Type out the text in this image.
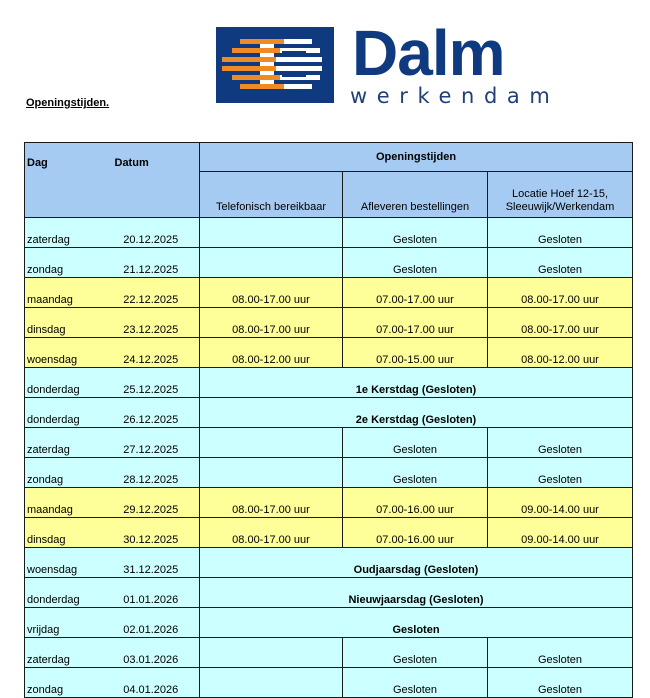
Dalm
werkendam
Openingstijden.
Dag	Datum	Openingstijden		
		Telefonisch bereikbaar	Afleveren bestellingen	Locatie Hoef 12-15, Sleeuwijk/Werkendam
zaterdag	20.12.2025		Gesloten	Gesloten
zondag	21.12.2025		Gesloten	Gesloten
maandag	22.12.2025	08.00-17.00 uur	07.00-17.00 uur	08.00-17.00 uur
dinsdag	23.12.2025	08.00-17.00 uur	07.00-17.00 uur	08.00-17.00 uur
woensdag	24.12.2025	08.00-12.00 uur	07.00-15.00 uur	08.00-12.00 uur
donderdag	25.12.2025	1e Kerstdag (Gesloten)		
donderdag	26.12.2025	2e Kerstdag (Gesloten)		
zaterdag	27.12.2025		Gesloten	Gesloten
zondag	28.12.2025		Gesloten	Gesloten
maandag	29.12.2025	08.00-17.00 uur	07.00-16.00 uur	09.00-14.00 uur
dinsdag	30.12.2025	08.00-17.00 uur	07.00-16.00 uur	09.00-14.00 uur
woensdag	31.12.2025	Oudjaarsdag (Gesloten)		
donderdag	01.01.2026	Nieuwjaarsdag (Gesloten)		
vrijdag	02.01.2026	Gesloten		
zaterdag	03.01.2026		Gesloten	Gesloten
zondag	04.01.2026		Gesloten	Gesloten
